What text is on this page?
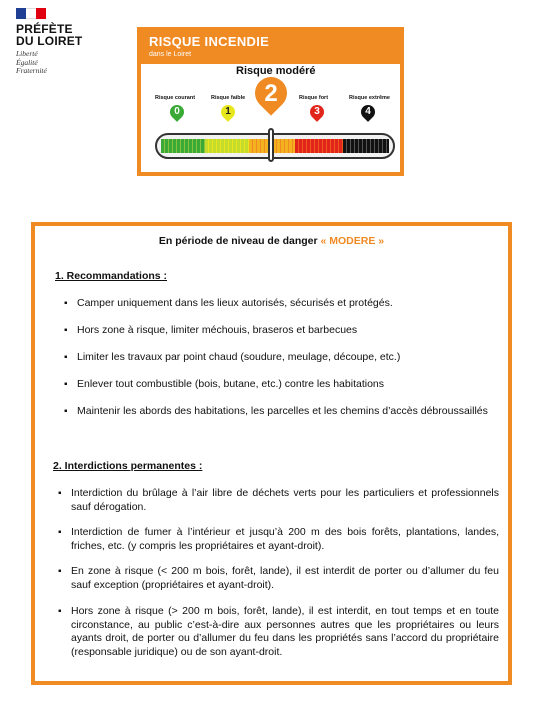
PRÉFÈTE
DU LOIRET
Liberté
Égalité
Fraternité
RISQUE INCENDIE
dans le Loiret
Risque modéré
Risque courant	Risque faible	Risque fort	Risque extrême
0	1	3	4
2
En période de niveau de danger « MODERE »
1. Recommandations :
▪ Camper uniquement dans les lieux autorisés, sécurisés et protégés.
▪ Hors zone à risque, limiter méchouis, braseros et barbecues
▪ Limiter les travaux par point chaud (soudure, meulage, découpe, etc.)
▪ Enlever tout combustible (bois, butane, etc.) contre les habitations
▪ Maintenir les abords des habitations, les parcelles et les chemins d’accès débroussaillés
2. Interdictions permanentes :
▪ Interdiction du brûlage à l’air libre de déchets verts pour les particuliers et professionnels sauf dérogation.
▪ Interdiction de fumer à l’intérieur et jusqu’à 200 m des bois forêts, plantations, landes, friches, etc. (y compris les propriétaires et ayant-droit).
▪ En zone à risque (< 200 m bois, forêt, lande), il est interdit de porter ou d’allumer du feu sauf exception (propriétaires et ayant-droit).
▪ Hors zone à risque (> 200 m bois, forêt, lande), il est interdit, en tout temps et en toute circonstance, au public c’est-à-dire aux personnes autres que les propriétaires ou leurs ayants droit, de porter ou d’allumer du feu dans les propriétés sans l’accord du propriétaire (responsable juridique) ou de son ayant-droit.
